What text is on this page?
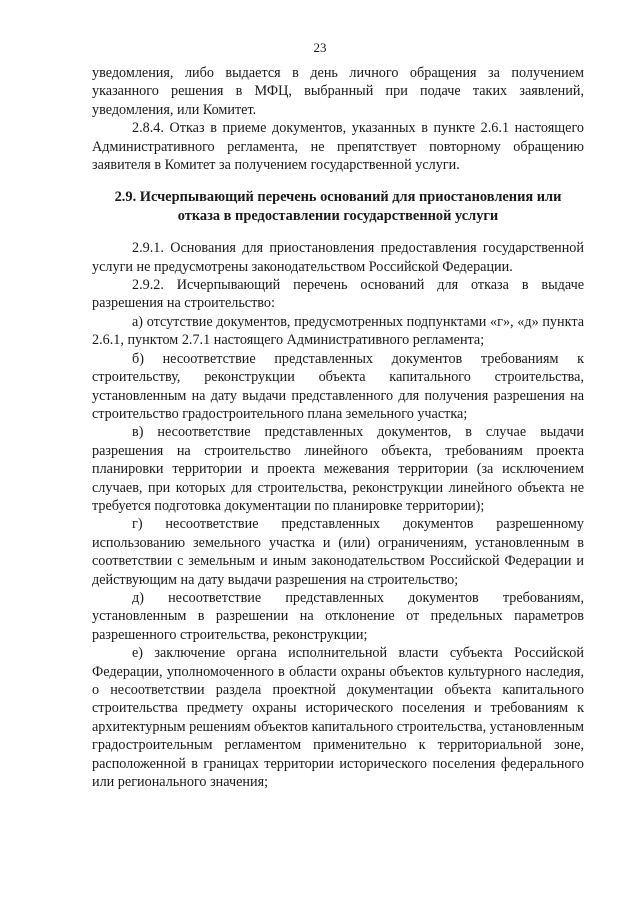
23

уведомления, либо выдается в день личного обращения за получением указанного решения в МФЦ, выбранный при подаче таких заявлений, уведомления, или Комитет.

2.8.4. Отказ в приеме документов, указанных в пункте 2.6.1 настоящего Административного регламента, не препятствует повторному обращению заявителя в Комитет за получением государственной услуги.

2.9. Исчерпывающий перечень оснований для приостановления или отказа в предоставлении государственной услуги

2.9.1. Основания для приостановления предоставления государственной услуги не предусмотрены законодательством Российской Федерации.

2.9.2. Исчерпывающий перечень оснований для отказа в выдаче разрешения на строительство:

а) отсутствие документов, предусмотренных подпунктами «г», «д» пункта 2.6.1, пунктом 2.7.1 настоящего Административного регламента;

б) несоответствие представленных документов требованиям к строительству, реконструкции объекта капитального строительства, установленным на дату выдачи представленного для получения разрешения на строительство градостроительного плана земельного участка;

в) несоответствие представленных документов, в случае выдачи разрешения на строительство линейного объекта, требованиям проекта планировки территории и проекта межевания территории (за исключением случаев, при которых для строительства, реконструкции линейного объекта не требуется подготовка документации по планировке территории);

г) несоответствие представленных документов разрешенному использованию земельного участка и (или) ограничениям, установленным в соответствии с земельным и иным законодательством Российской Федерации и действующим на дату выдачи разрешения на строительство;

д) несоответствие представленных документов требованиям, установленным в разрешении на отклонение от предельных параметров разрешенного строительства, реконструкции;

е) заключение органа исполнительной власти субъекта Российской Федерации, уполномоченного в области охраны объектов культурного наследия, о несоответствии раздела проектной документации объекта капитального строительства предмету охраны исторического поселения и требованиям к архитектурным решениям объектов капитального строительства, установленным градостроительным регламентом применительно к территориальной зоне, расположенной в границах территории исторического поселения федерального или регионального значения;
